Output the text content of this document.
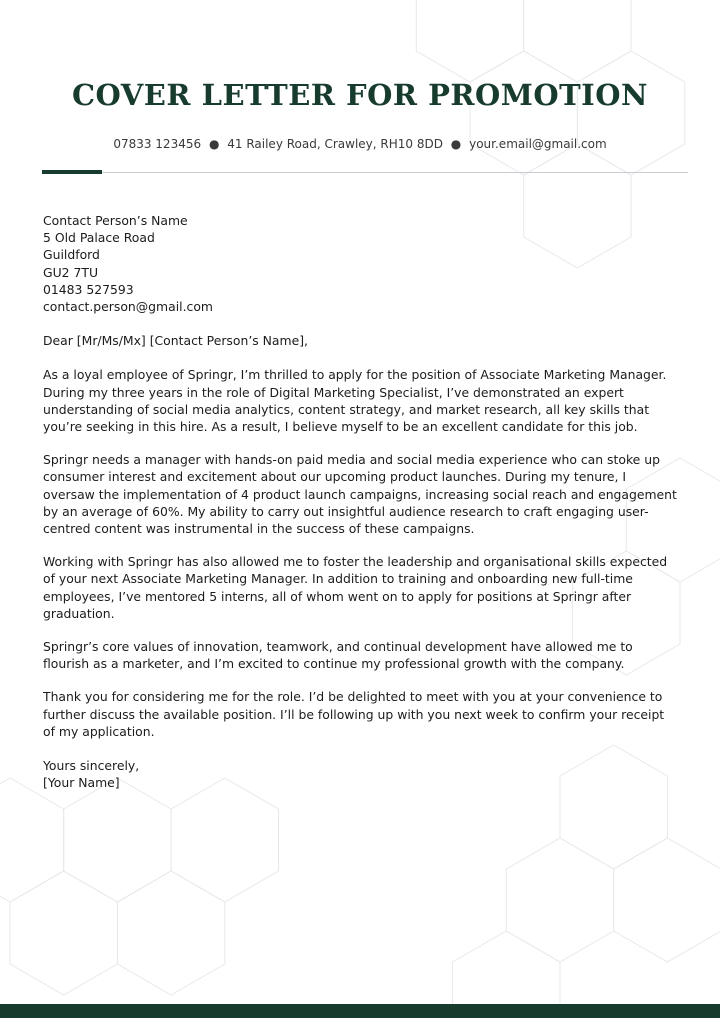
COVER LETTER FOR PROMOTION
07833 123456 ● 41 Railey Road, Crawley, RH10 8DD ● your.email@gmail.com
Contact Person’s Name
5 Old Palace Road
Guildford
GU2 7TU
01483 527593
contact.person@gmail.com
Dear [Mr/Ms/Mx] [Contact Person’s Name],

As a loyal employee of Springr, I’m thrilled to apply for the position of Associate Marketing Manager. During my three years in the role of Digital Marketing Specialist, I’ve demonstrated an expert understanding of social media analytics, content strategy, and market research, all key skills that you’re seeking in this hire. As a result, I believe myself to be an excellent candidate for this job.

Springr needs a manager with hands-on paid media and social media experience who can stoke up consumer interest and excitement about our upcoming product launches. During my tenure, I oversaw the implementation of 4 product launch campaigns, increasing social reach and engagement by an average of 60%. My ability to carry out insightful audience research to craft engaging user-centred content was instrumental in the success of these campaigns.

Working with Springr has also allowed me to foster the leadership and organisational skills expected of your next Associate Marketing Manager. In addition to training and onboarding new full-time employees, I’ve mentored 5 interns, all of whom went on to apply for positions at Springr after graduation.

Springr’s core values of innovation, teamwork, and continual development have allowed me to flourish as a marketer, and I’m excited to continue my professional growth with the company.

Thank you for considering me for the role. I’d be delighted to meet with you at your convenience to further discuss the available position. I’ll be following up with you next week to confirm your receipt of my application.

Yours sincerely,
[Your Name]
